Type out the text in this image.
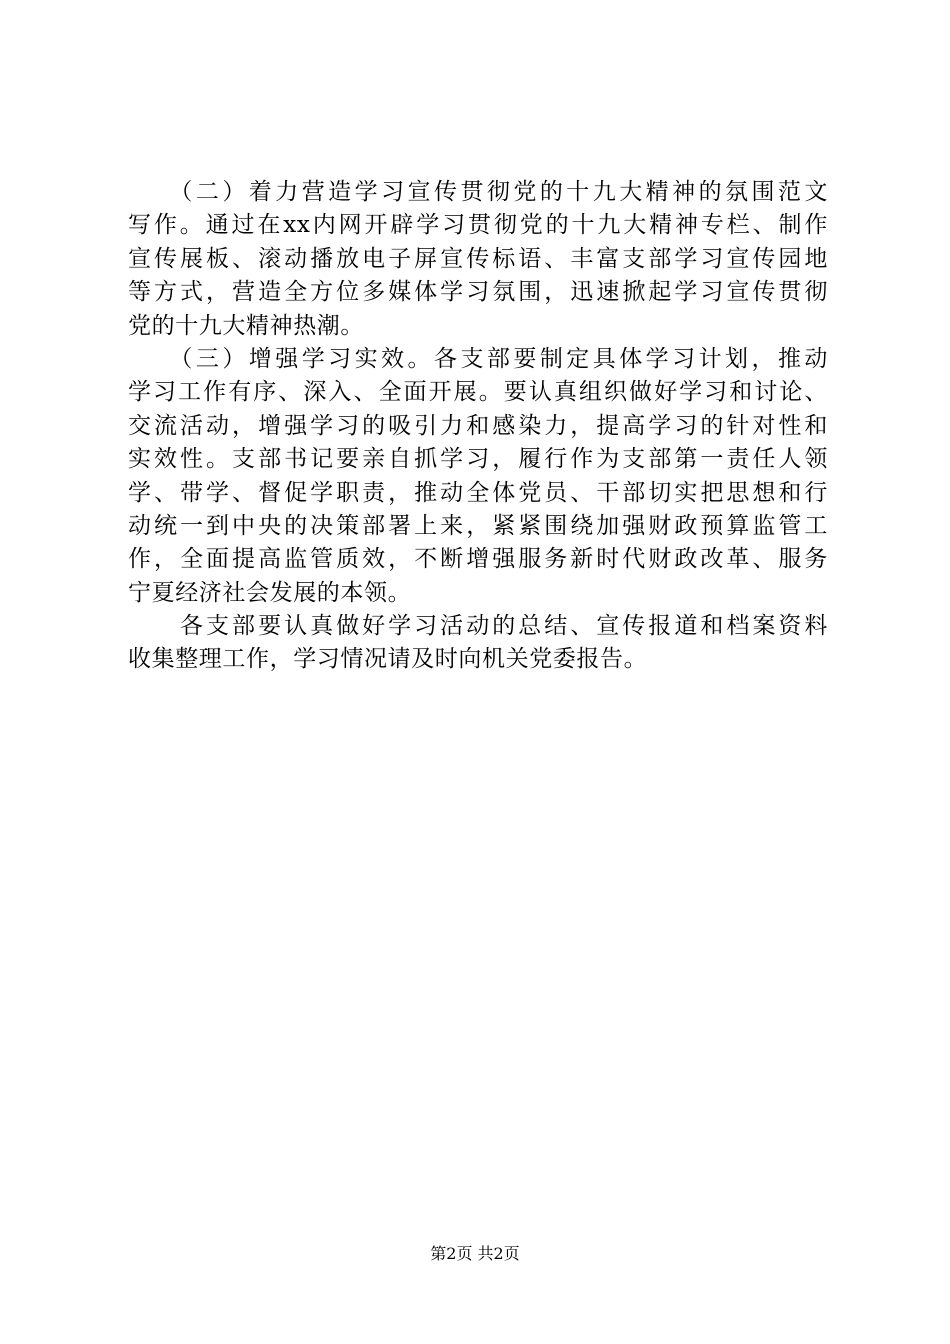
　　（二）着力营造学习宣传贯彻党的十九大精神的氛围范文
写作。通过在xx内网开辟学习贯彻党的十九大精神专栏、制作
宣传展板、滚动播放电子屏宣传标语、丰富支部学习宣传园地
等方式，营造全方位多媒体学习氛围，迅速掀起学习宣传贯彻
党的十九大精神热潮。
　　（三）增强学习实效。各支部要制定具体学习计划，推动
学习工作有序、深入、全面开展。要认真组织做好学习和讨论、
交流活动，增强学习的吸引力和感染力，提高学习的针对性和
实效性。支部书记要亲自抓学习，履行作为支部第一责任人领
学、带学、督促学职责，推动全体党员、干部切实把思想和行
动统一到中央的决策部署上来，紧紧围绕加强财政预算监管工
作，全面提高监管质效，不断增强服务新时代财政改革、服务
宁夏经济社会发展的本领。
　　各支部要认真做好学习活动的总结、宣传报道和档案资料
收集整理工作，学习情况请及时向机关党委报告。
第2页 共2页
